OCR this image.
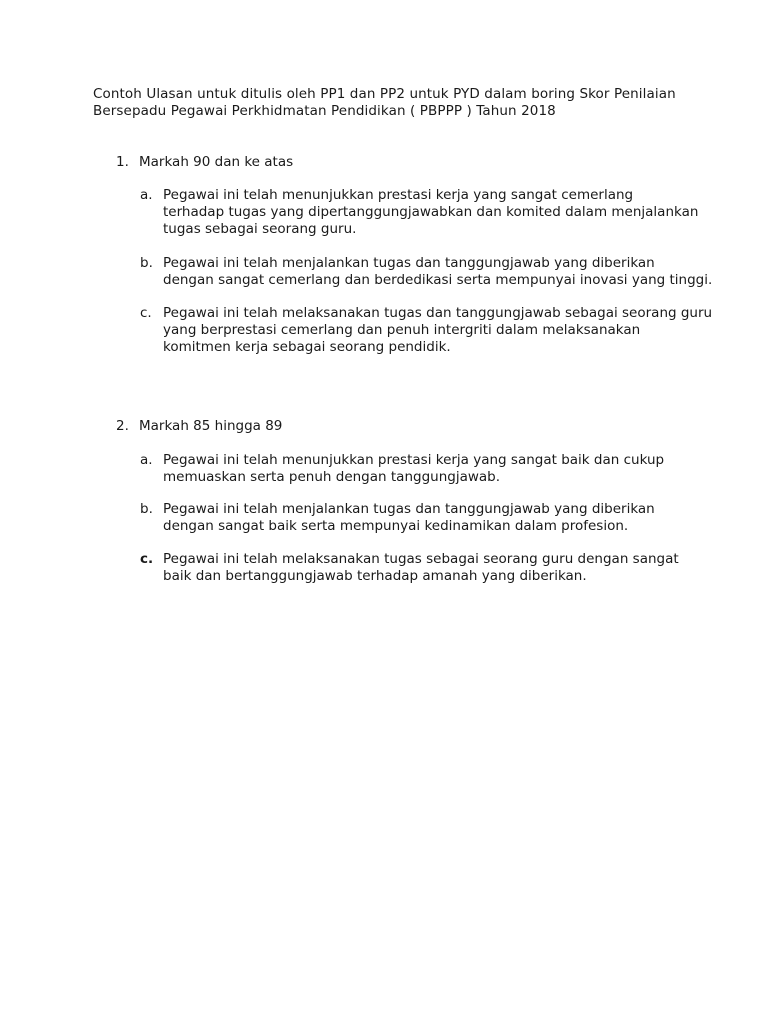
Contoh Ulasan untuk ditulis oleh PP1 dan PP2 untuk PYD dalam boring Skor Penilaian

Bersepadu Pegawai Perkhidmatan Pendidikan ( PBPPP ) Tahun 2018

1. Markah 90 dan ke atas
a. Pegawai ini telah menunjukkan prestasi kerja yang sangat cemerlang

terhadap tugas yang dipertanggungjawabkan dan komited dalam menjalankan

tugas sebagai seorang guru.

b. Pegawai ini telah menjalankan tugas dan tanggungjawab yang diberikan

dengan sangat cemerlang dan berdedikasi serta mempunyai inovasi yang tinggi.

c. Pegawai ini telah melaksanakan tugas dan tanggungjawab sebagai seorang guru

yang berprestasi cemerlang dan penuh intergriti dalam melaksanakan

komitmen kerja sebagai seorang pendidik.

2. Markah 85 hingga 89
a. Pegawai ini telah menunjukkan prestasi kerja yang sangat baik dan cukup

memuaskan serta penuh dengan tanggungjawab.

b. Pegawai ini telah menjalankan tugas dan tanggungjawab yang diberikan

dengan sangat baik serta mempunyai kedinamikan dalam profesion.

c. Pegawai ini telah melaksanakan tugas sebagai seorang guru dengan sangat

baik dan bertanggungjawab terhadap amanah yang diberikan.
